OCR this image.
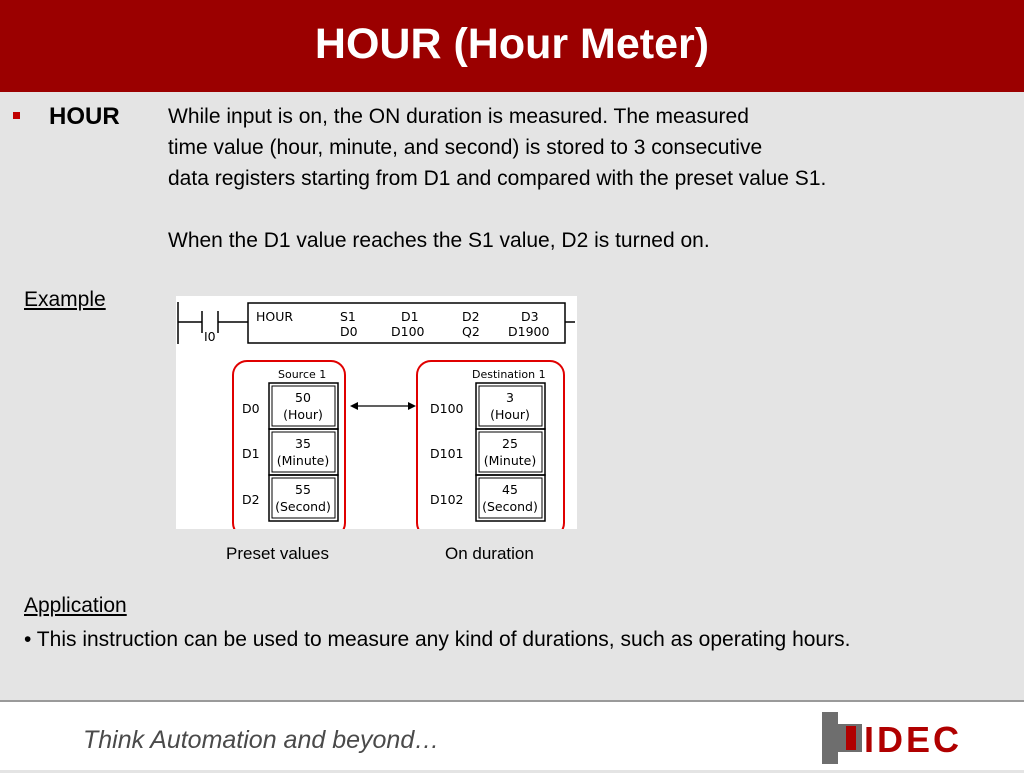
HOUR (Hour Meter)
HOUR While input is on, the ON duration is measured. The measured
time value (hour, minute, and second) is stored to 3 consecutive
data registers starting from D1 and compared with the preset value S1.
When the D1 value reaches the S1 value, D2 is turned on.
Example
I0
HOUR	S1	D1	D2	D3
D0	D100	Q2 D1900
Source 1
D0
D1
D2
50
(Hour)
35
(Minute)
55
(Second)
Destination 1
D100
D101
D102
3
(Hour)
25
(Minute)
45
(Second)
Preset values	On duration
Application
• This instruction can be used to measure any kind of durations, such as operating hours.
Think Automation and beyond…	IDEC
